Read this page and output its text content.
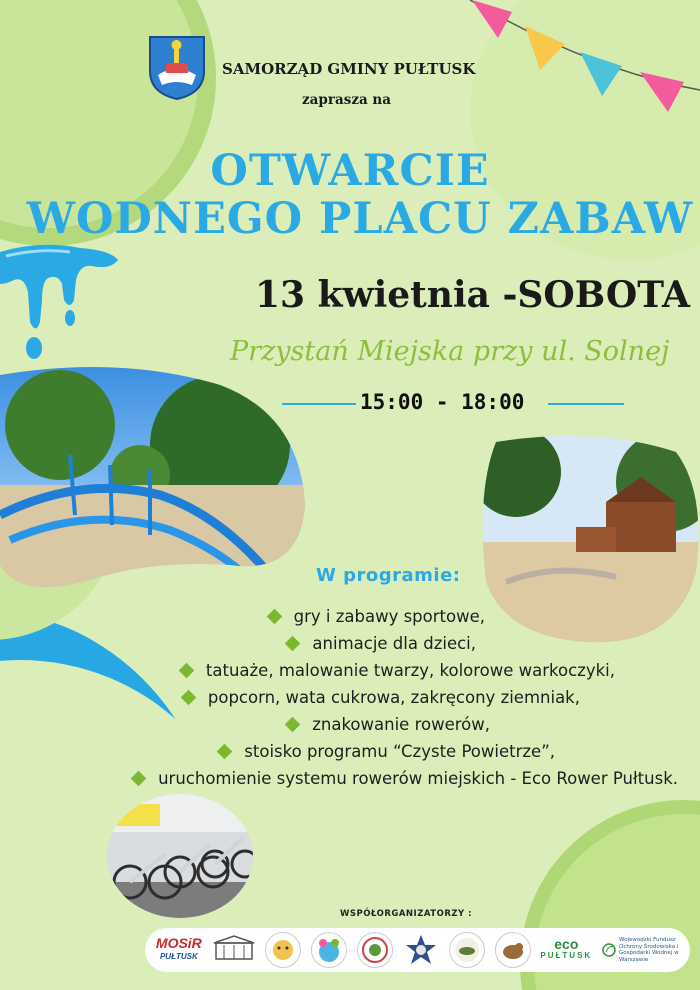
SAMORZĄD GMINY PUŁTUSK
zaprasza na
OTWARCIE
WODNEGO PLACU ZABAW
13 kwietnia -SOBOTA
Przystań Miejska przy ul. Solnej
15:00 - 18:00
W programie:
gry i zabawy sportowe,
animacje dla dzieci,
tatuaże, malowanie twarzy, kolorowe warkoczyki,
popcorn, wata cukrowa, zakręcony ziemniak,
znakowanie rowerów,
stoisko programu “Czyste Powietrze”,
uruchomienie systemu rowerów miejskich - Eco Rower Pułtusk.
WSPÓŁORGANIZATORZY :
MOSiR
PUŁTUSK
eco
PUŁTUSK
Wojewódzki Fundusz Ochrony Środowiska i Gospodarki Wodnej w Warszawie
